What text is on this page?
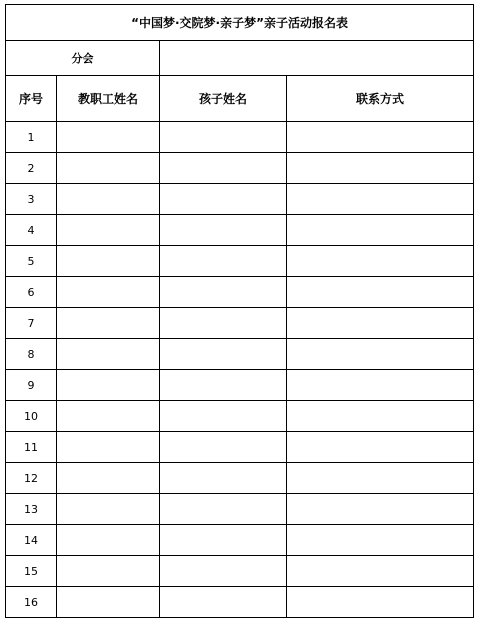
“中国梦·交院梦·亲子梦”亲子活动报名表			
分会			
序号	教职工姓名	孩子姓名	联系方式
1			
2			
3			
4			
5			
6			
7			
8			
9			
10			
11			
12			
13			
14			
15			
16			
